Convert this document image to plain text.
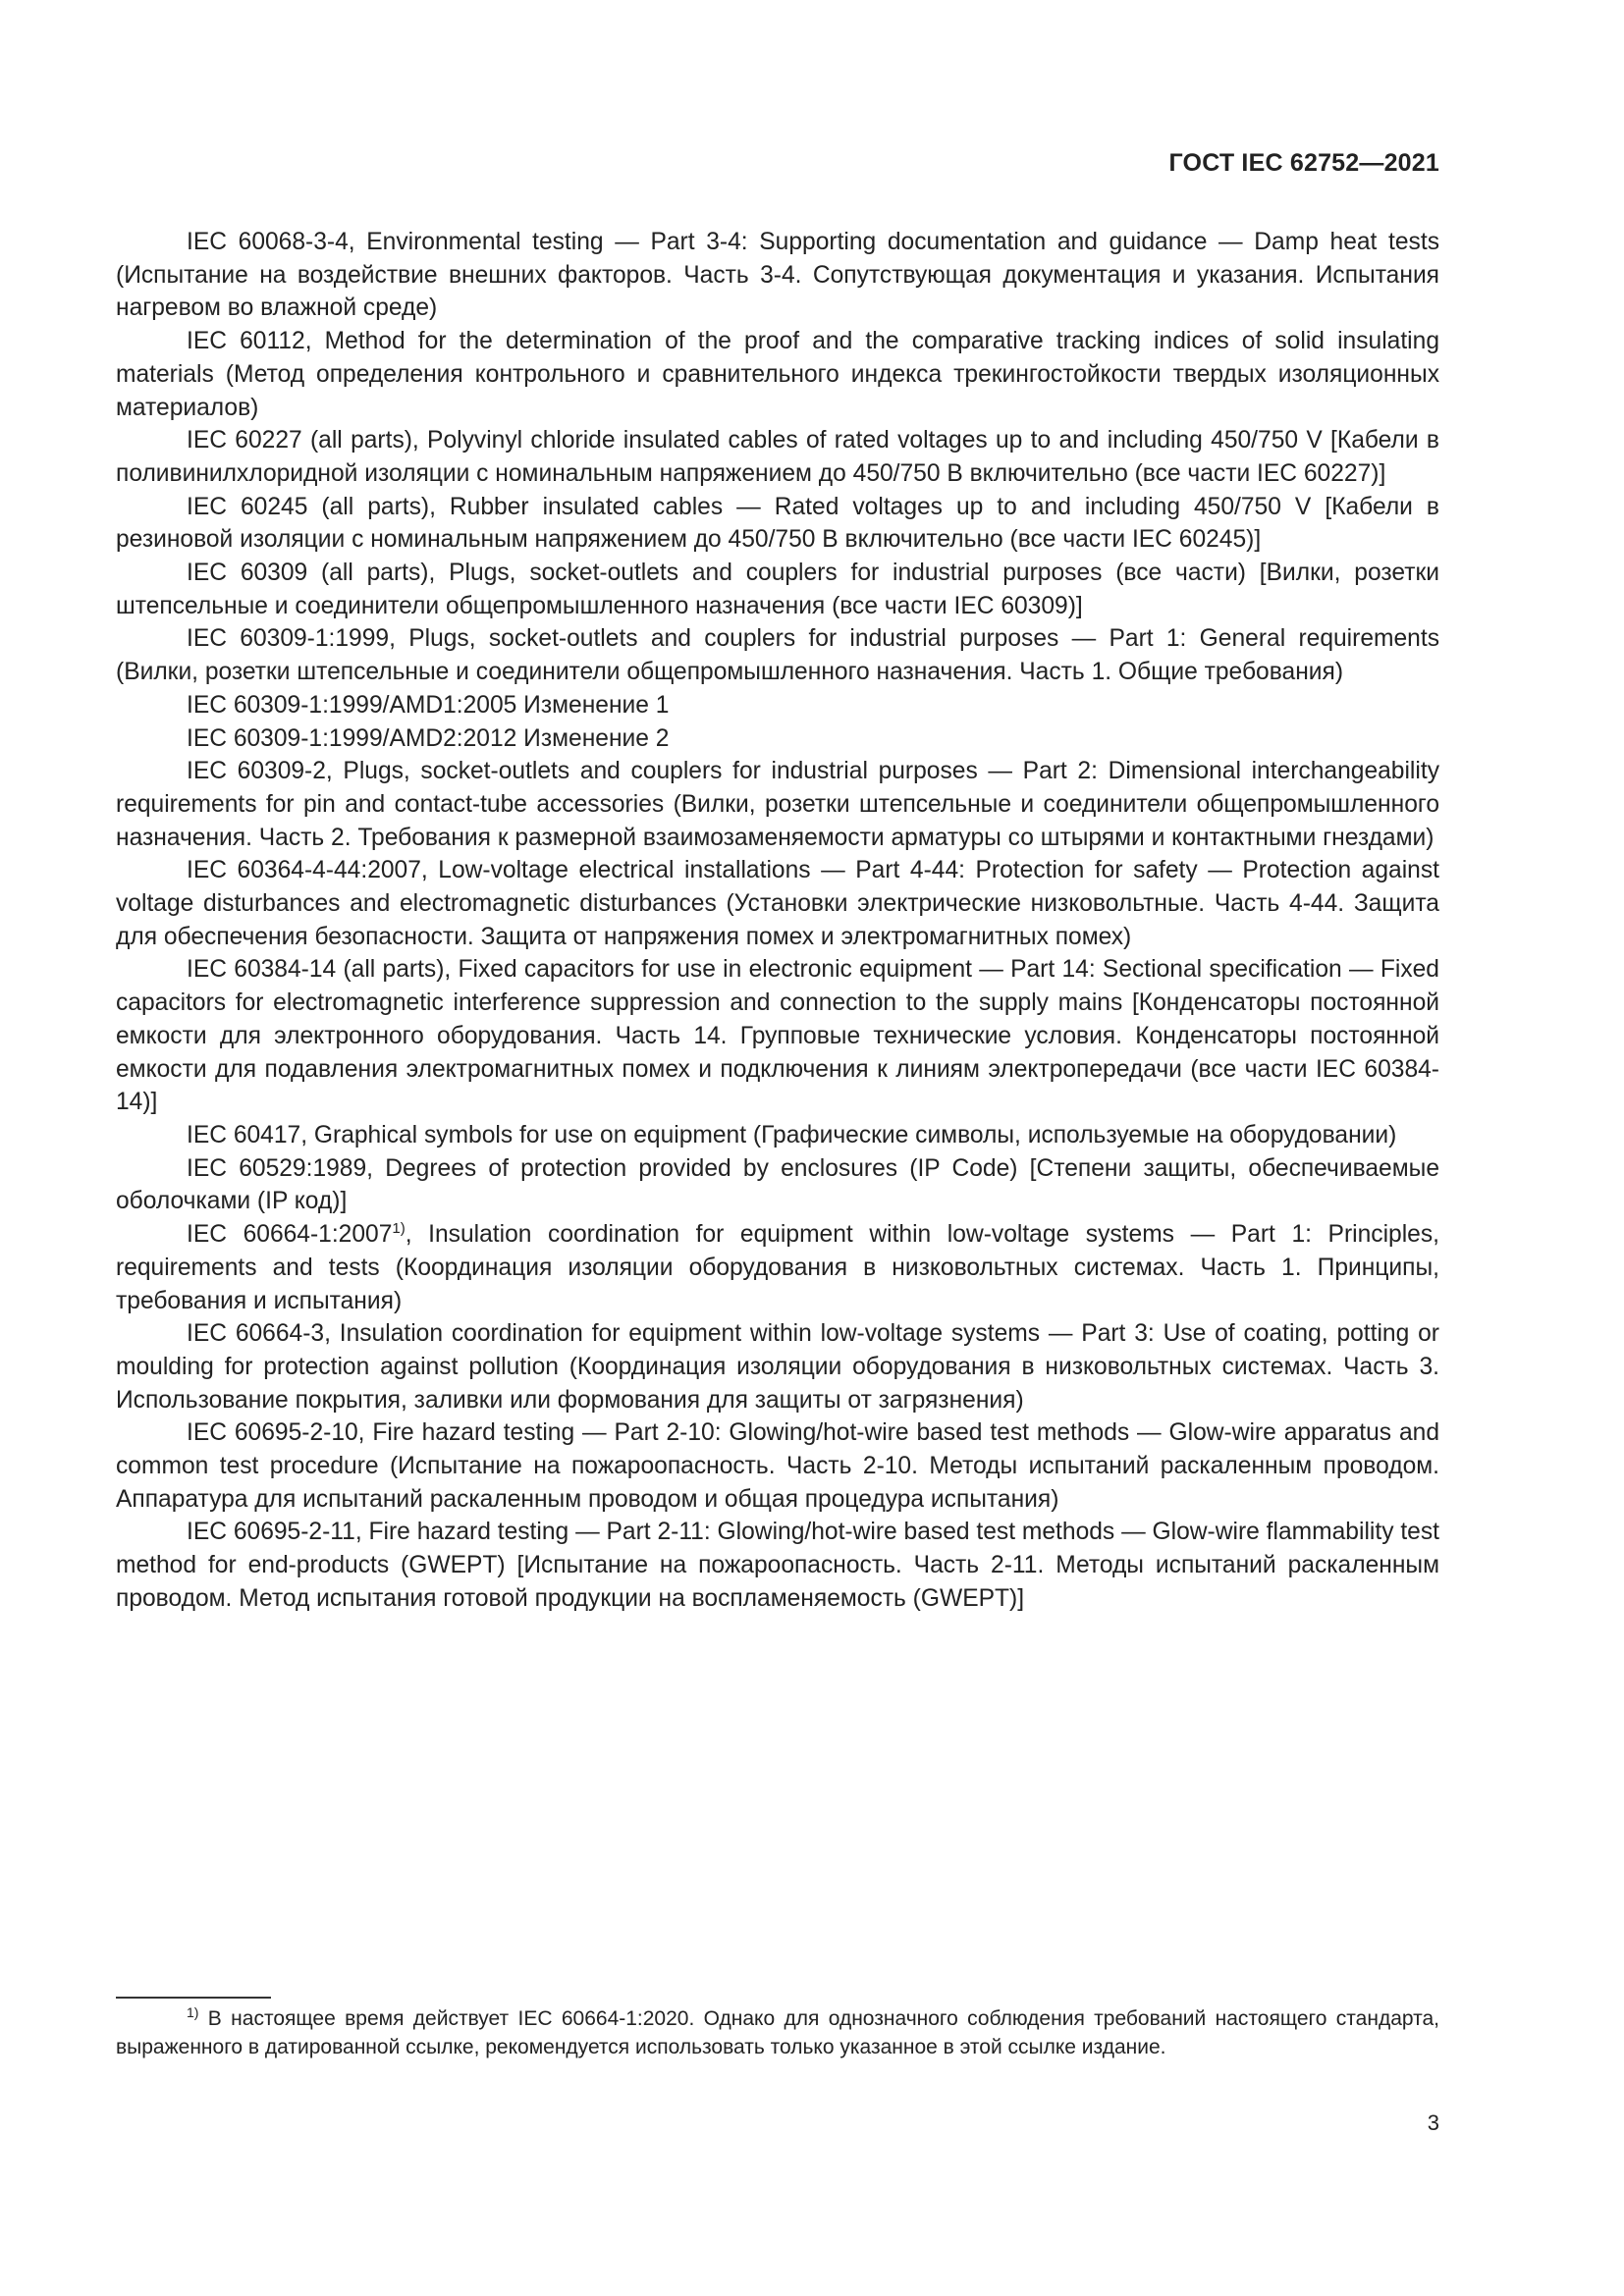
ГОСТ IEC 62752—2021

IEC 60068-3-4, Environmental testing — Part 3-4: Supporting documentation and guidance — Damp heat tests (Испытание на воздействие внешних факторов. Часть 3-4. Сопутствующая документация и указания. Испытания нагревом во влажной среде)

IEC 60112, Method for the determination of the proof and the comparative tracking indices of solid insulating materials (Метод определения контрольного и сравнительного индекса трекингостойкости твердых изоляционных материалов)

IEC 60227 (all parts), Polyvinyl chloride insulated cables of rated voltages up to and including 450/750 V [Кабели в поливинилхлоридной изоляции с номинальным напряжением до 450/750 В включительно (все части IEC 60227)]

IEC 60245 (all parts), Rubber insulated cables — Rated voltages up to and including 450/750 V [Кабели в резиновой изоляции с номинальным напряжением до 450/750 В включительно (все части IEC 60245)]

IEC 60309 (all parts), Plugs, socket-outlets and couplers for industrial purposes (все части) [Вилки, розетки штепсельные и соединители общепромышленного назначения (все части IEC 60309)]

IEC 60309-1:1999, Plugs, socket-outlets and couplers for industrial purposes — Part 1: General requirements (Вилки, розетки штепсельные и соединители общепромышленного назначения. Часть 1. Общие требования)

IEC 60309-1:1999/AMD1:2005 Изменение 1

IEC 60309-1:1999/AMD2:2012 Изменение 2

IEC 60309-2, Plugs, socket-outlets and couplers for industrial purposes — Part 2: Dimensional interchangeability requirements for pin and contact-tube accessories (Вилки, розетки штепсельные и соединители общепромышленного назначения. Часть 2. Требования к размерной взаимозаменяемости арматуры со штырями и контактными гнездами)

IEC 60364-4-44:2007, Low-voltage electrical installations — Part 4-44: Protection for safety — Protection against voltage disturbances and electromagnetic disturbances (Установки электрические низковольтные. Часть 4-44. Защита для обеспечения безопасности. Защита от напряжения помех и электромагнитных помех)

IEC 60384-14 (all parts), Fixed capacitors for use in electronic equipment — Part 14: Sectional specification — Fixed capacitors for electromagnetic interference suppression and connection to the supply mains [Конденсаторы постоянной емкости для электронного оборудования. Часть 14. Групповые технические условия. Конденсаторы постоянной емкости для подавления электромагнитных помех и подключения к линиям электропередачи (все части IEC 60384-14)]

IEC 60417, Graphical symbols for use on equipment (Графические символы, используемые на оборудовании)

IEC 60529:1989, Degrees of protection provided by enclosures (IP Code) [Степени защиты, обеспечиваемые оболочками (IP код)]

IEC 60664-1:2007$^{1)}$, Insulation coordination for equipment within low-voltage systems — Part 1: Principles, requirements and tests (Координация изоляции оборудования в низковольтных системах. Часть 1. Принципы, требования и испытания)

IEC 60664-3, Insulation coordination for equipment within low-voltage systems — Part 3: Use of coating, potting or moulding for protection against pollution (Координация изоляции оборудования в низковольтных системах. Часть 3. Использование покрытия, заливки или формования для защиты от загрязнения)

IEC 60695-2-10, Fire hazard testing — Part 2-10: Glowing/hot-wire based test methods — Glow-wire apparatus and common test procedure (Испытание на пожароопасность. Часть 2-10. Методы испытаний раскаленным проводом. Аппаратура для испытаний раскаленным проводом и общая процедура испытания)

IEC 60695-2-11, Fire hazard testing — Part 2-11: Glowing/hot-wire based test methods — Glow-wire flammability test method for end-products (GWEPT) [Испытание на пожароопасность. Часть 2-11. Методы испытаний раскаленным проводом. Метод испытания готовой продукции на воспламеняемость (GWEPT)]

$^{1)}$ В настоящее время действует IEC 60664-1:2020. Однако для однозначного соблюдения требований настоящего стандарта, выраженного в датированной ссылке, рекомендуется использовать только указанное в этой ссылке издание.

3
